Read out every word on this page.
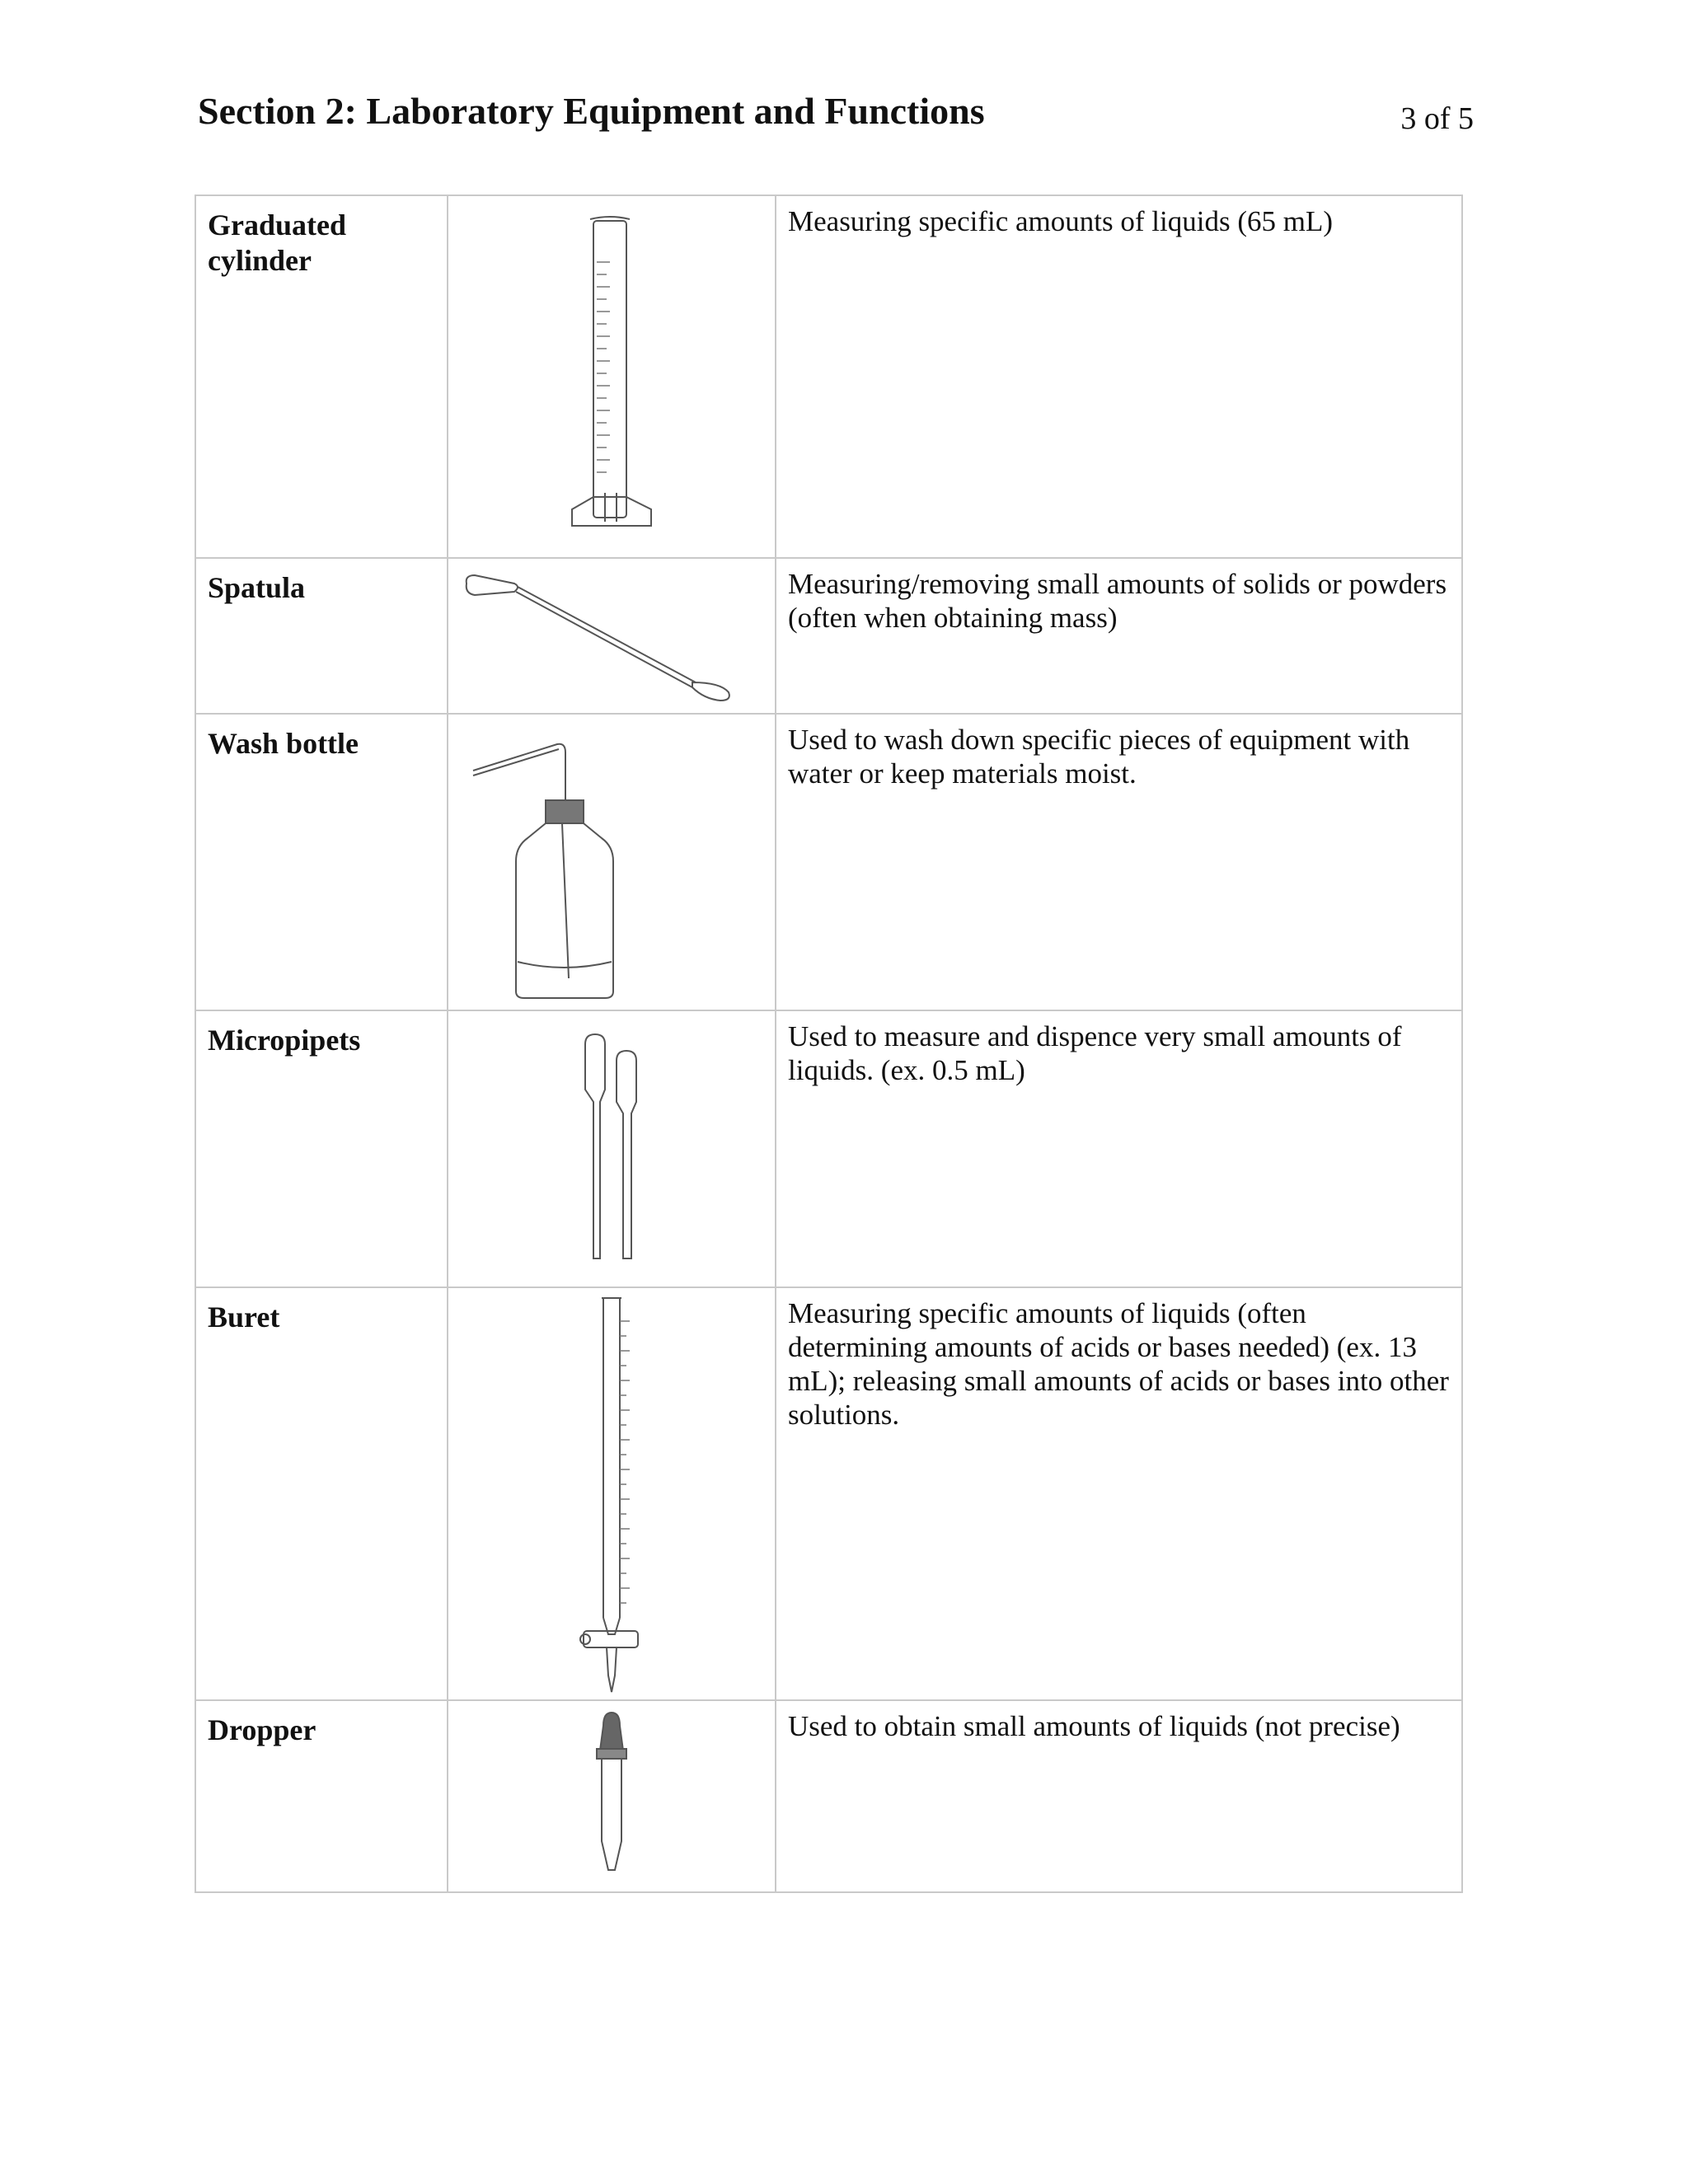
Section 2: Laboratory Equipment and Functions	3 of 5
Graduated cylinder		Measuring specific amounts of liquids (65 mL)

Spatula		Measuring/removing small amounts of solids or powders (often when obtaining mass)

Wash bottle		Used to wash down specific pieces of equipment with water or keep materials moist.

Micropipets		Used to measure and dispence very small amounts of liquids. (ex. 0.5 mL)

Buret		Measuring specific amounts of liquids (often determining amounts of acids or bases needed) (ex. 13 mL); releasing small amounts of acids or bases into other solutions.

Dropper		Used to obtain small amounts of liquids (not precise)
